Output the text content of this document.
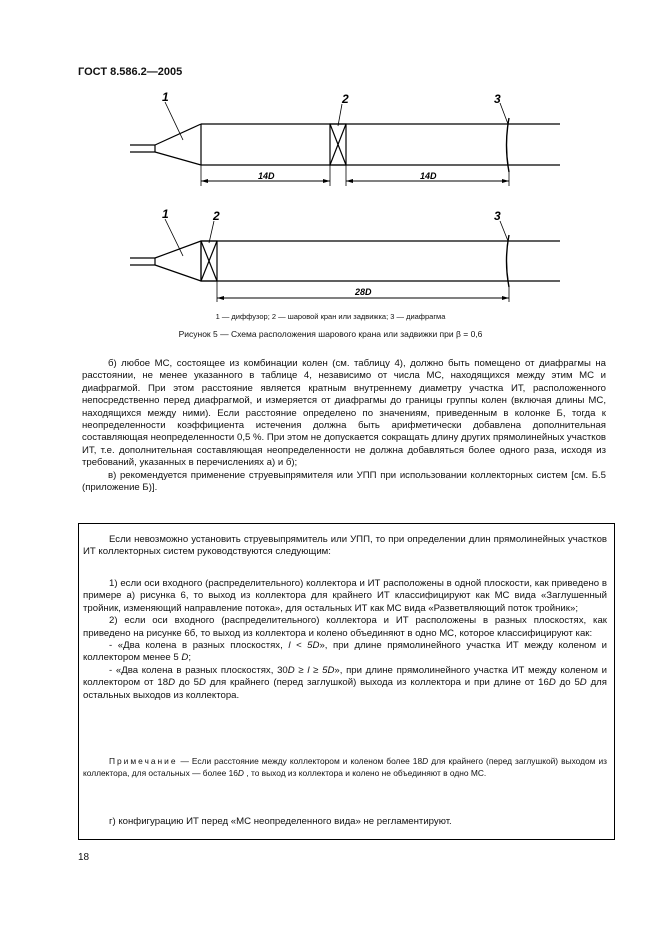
ГОСТ 8.586.2—2005
1	2	3
14D	14D
1	2	3
28D
1 — диффузор; 2 — шаровой кран или задвижка; 3 — диафрагма
Рисунок 5 — Схема расположения шарового крана или задвижки при β = 0,6

б) любое МС, состоящее из комбинации колен (см. таблицу 4), должно быть помещено от диафрагмы на расстоянии, не менее указанного в таблице 4, независимо от числа МС, находящихся между этим МС и диафрагмой. При этом расстояние является кратным внутреннему диаметру участка ИТ, расположенного непосредственно перед диафрагмой, и измеряется от диафрагмы до границы группы колен (включая длины МС, находящихся между ними). Если расстояние определено по значениям, приведенным в колонке Б, тогда к неопределенности коэффициента истечения должна быть арифметически добавлена дополнительная составляющая неопределенности 0,5 %. При этом не допускается сокращать длину других прямолинейных участков ИТ, т.е. дополнительная составляющая неопределенности не должна добавляться более одного раза, исходя из требований, указанных в перечислениях а) и б);

в) рекомендуется применение струевыпрямителя или УПП при использовании коллекторных систем [см. Б.5 (приложение Б)].

Если невозможно установить струевыпрямитель или УПП, то при определении длин прямолинейных участков ИТ коллекторных систем руководствуются следующим:

1) если оси входного (распределительного) коллектора и ИТ расположены в одной плоскости, как приведено в примере а) рисунка 6, то выход из коллектора для крайнего ИТ классифицируют как МС вида «Заглушенный тройник, изменяющий направление потока», для остальных ИТ как МС вида «Разветвляющий поток тройник»;

2) если оси входного (распределительного) коллектора и ИТ расположены в разных плоскостях, как приведено на рисунке 6б, то выход из коллектора и колено объединяют в одно МС, которое классифицируют как:

- «Два колена в разных плоскостях, l < 5D», при длине прямолинейного участка ИТ между коленом и коллектором менее 5 D;

- «Два колена в разных плоскостях, 30D ≥ l ≥ 5D», при длине прямолинейного участка ИТ между коленом и коллектором от 18D до 5D для крайнего (перед заглушкой) выхода из коллектора и при длине от 16D до 5D для остальных выходов из коллектора.

Примечание — Если расстояние между коллектором и коленом более 18D для крайнего (перед заглушкой) выходом из коллектора, для остальных — более 16D , то выход из коллектора и колено не объединяют в одно МС.

г) конфигурацию ИТ перед «МС неопределенного вида» не регламентируют.

18
